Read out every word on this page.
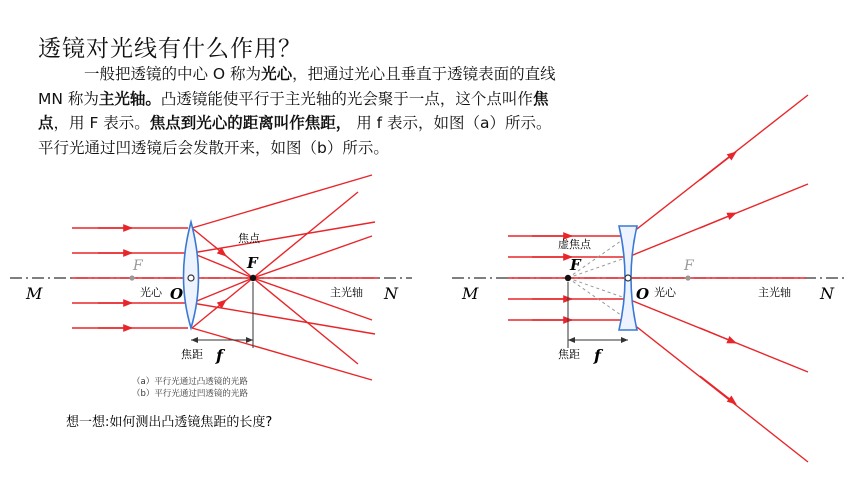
透镜对光线有什么作用？
一般把透镜的中心 O 称为光心，把通过光心且垂直于透镜表面的直线
MN 称为主光轴。凸透镜能使平行于主光轴的光会聚于一点，这个点叫作焦
点，用 F 表示。焦点到光心的距离叫作焦距， 用 f 表示，如图（a）所示。
平行光通过凹透镜后会发散开来，如图（b）所示。
M	N
O
F	F
焦点
光心	主光轴
焦距 f
（a）平行光通过凸透镜的光路
（b）平行光通过凹透镜的光路
想一想:如何测出凸透镜焦距的长度?
M	N
O
F	F
虚焦点
光心	主光轴
焦距 f
